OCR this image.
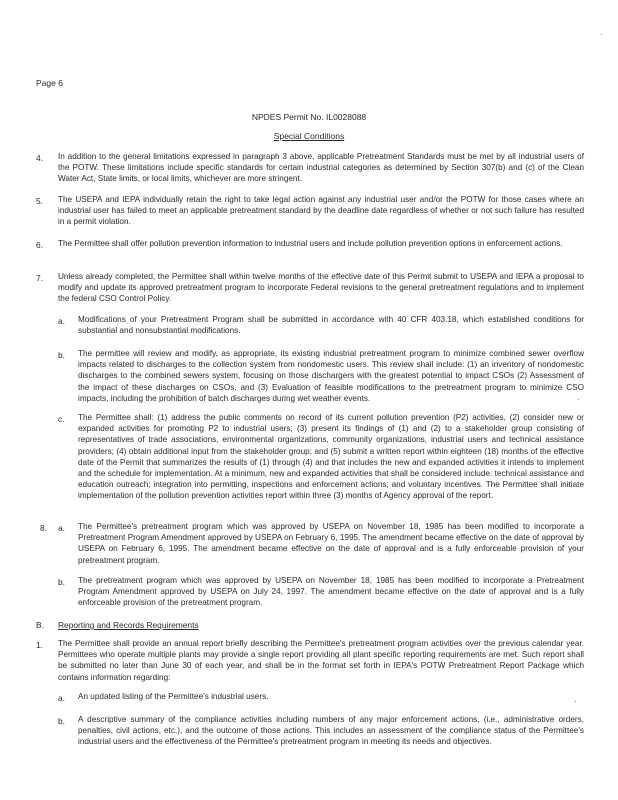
Page 6
NPDES Permit No. IL0028088
Special Conditions
4. In addition to the general limitations expressed in paragraph 3 above, applicable Pretreatment Standards must be met by all industrial users of the POTW. These limitations include specific standards for certain industrial categories as determined by Section 307(b) and (c) of the Clean Water Act, State limits, or local limits, whichever are more stringent.
5. The USEPA and IEPA individually retain the right to take legal action against any industrial user and/or the POTW for those cases where an industrial user has failed to meet an applicable pretreatment standard by the deadline date regardless of whether or not such failure has resulted in a permit violation.
6. The Permittee shall offer pollution prevention information to industrial users and include pollution prevention options in enforcement actions.
7. Unless already completed, the Permittee shall within twelve months of the effective date of this Permit submit to USEPA and IEPA a proposal to modify and update its approved pretreatment program to incorporate Federal revisions to the general pretreatment regulations and to implement the federal CSO Control Policy.
a. Modifications of your Pretreatment Program shall be submitted in accordance with 40 CFR 403.18, which established conditions for substantial and nonsubstantial modifications.
b. The permittee will review and modify, as appropriate, its existing industrial pretreatment program to minimize combined sewer overflow impacts related to discharges to the collection system from nondomestic users. This review shall include: (1) an inventory of nondomestic discharges to the combined sewers system, focusing on those dischargers with the greatest potential to impact CSOs (2) Assessment of the impact of these discharges on CSOs, and (3) Evaluation of feasible modifications to the pretreatment program to minimize CSO impacts, including the prohibition of batch discharges during wet weather events.
c. The Permittee shall: (1) address the public comments on record of its current pollution prevention (P2) activities, (2) consider new or expanded activities for promoting P2 to industrial users; (3) present its findings of (1) and (2) to a stakeholder group consisting of representatives of trade associations, environmental organizations, community organizations, industrial users and technical assistance providers; (4) obtain additional input from the stakeholder group; and (5) submit a written report within eighteen (18) months of the effective date of the Permit that summarizes the results of (1) through (4) and that includes the new and expanded activities it intends to implement and the schedule for implementation. At a minimum, new and expanded activities that shall be considered include: technical assistance and education outreach; integration into permitting, inspections and enforcement actions; and voluntary incentives. The Permittee shall initiate implementation of the pollution prevention activities report within three (3) months of Agency approval of the report.
8. a. The Permittee's pretreatment program which was approved by USEPA on November 18, 1985 has been modified to incorporate a Pretreatment Program Amendment approved by USEPA on February 6, 1995. The amendment became effective on the date of approval by USEPA on February 6, 1995. The amendment became effective on the date of approval and is a fully enforceable provision of your pretreatment program.
b. The pretreatment program which was approved by USEPA on November 18, 1985 has been modified to incorporate a Pretreatment Program Amendment approved by USEPA on July 24, 1997. The amendment became effective on the date of approval and is a fully enforceable provision of the pretreatment program.
B. Reporting and Records Requirements
1. The Permittee shall provide an annual report briefly describing the Permittee's pretreatment program activities over the previous calendar year. Permittees who operate multiple plants may provide a single report providing all plant specific reporting requirements are met. Such report shall be submitted no later than June 30 of each year, and shall be in the format set forth in IEPA's POTW Pretreatment Report Package which contains information regarding:
a. An updated listing of the Permittee's industrial users.
b. A descriptive summary of the compliance activities including numbers of any major enforcement actions, (i.e., administrative orders, penalties, civil actions, etc.), and the outcome of those actions. This includes an assessment of the compliance status of the Permittee's industrial users and the effectiveness of the Permittee's pretreatment program in meeting its needs and objectives.
·
·
·
